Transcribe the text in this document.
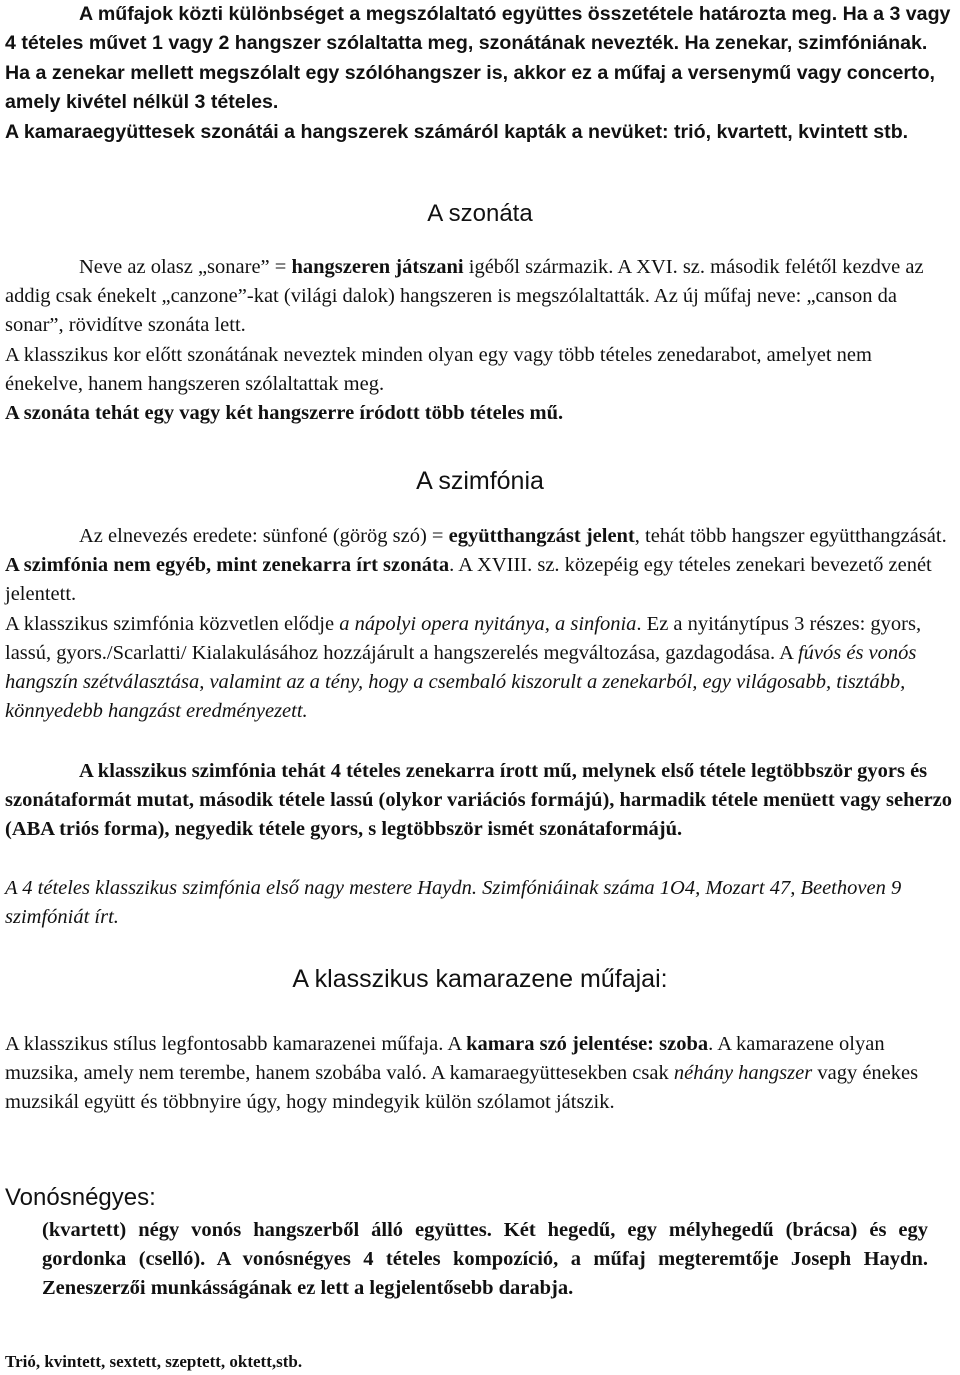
A műfajok közti különbséget a megszólaltató együttes összetétele határozta meg. Ha a 3 vagy 4 tételes művet 1 vagy 2 hangszer szólaltatta meg, szonátának nevezték. Ha zenekar, szimfóniának. Ha a zenekar mellett megszólalt egy szólóhangszer is, akkor ez a műfaj a versenymű vagy concerto, amely kivétel nélkül 3 tételes.
A kamaraegyüttesek szonátái a hangszerek számáról kapták a nevüket: trió, kvartett, kvintett stb.
A szonáta
Neve az olasz „sonare” = hangszeren játszani igéből származik. A XVI. sz. második felétől kezdve az addig csak énekelt „canzone”-kat (világi dalok) hangszeren is megszólaltatták. Az új műfaj neve: „canson da sonar”, rövidítve szonáta lett.
A klasszikus kor előtt szonátának neveztek minden olyan egy vagy több tételes zenedarabot, amelyet nem énekelve, hanem hangszeren szólaltattak meg.
A szonáta tehát egy vagy két hangszerre íródott több tételes mű.
A szimfónia
Az elnevezés eredete: sünfoné (görög szó) = együtthangzást jelent, tehát több hangszer együtthangzását. A szimfónia nem egyéb, mint zenekarra írt szonáta. A XVIII. sz. közepéig egy tételes zenekari bevezető zenét jelentett.
A klasszikus szimfónia közvetlen elődje a nápolyi opera nyitánya, a sinfonia. Ez a nyitánytípus 3 részes: gyors, lassú, gyors./Scarlatti/ Kialakulásához hozzájárult a hangszerelés megváltozása, gazdagodása. A fúvós és vonós hangszín szétválasztása, valamint az a tény, hogy a csembaló kiszorult a zenekarból, egy világosabb, tisztább, könnyedebb hangzást eredményezett.
A klasszikus szimfónia tehát 4 tételes zenekarra írott mű, melynek első tétele legtöbbször gyors és szonátaformát mutat, második tétele lassú (olykor variációs formájú), harmadik tétele menüett vagy seherzo (ABA triós forma), negyedik tétele gyors, s legtöbbször ismét szonátaformájú.
A 4 tételes klasszikus szimfónia első nagy mestere Haydn. Szimfóniáinak száma 1O4, Mozart 47, Beethoven 9 szimfóniát írt.
A klasszikus kamarazene műfajai:
A klasszikus stílus legfontosabb kamarazenei műfaja. A kamara szó jelentése: szoba. A kamarazene olyan muzsika, amely nem terembe, hanem szobába való. A kamaraegyüttesekben csak néhány hangszer vagy énekes muzsikál együtt és többnyire úgy, hogy mindegyik külön szólamot játszik.
Vonósnégyes:
(kvartett) négy vonós hangszerből álló együttes. Két hegedű, egy mélyhegedű (brácsa) és egy gordonka (cselló). A vonósnégyes 4 tételes kompozíció, a műfaj megteremtője Joseph Haydn. Zeneszerzői munkásságának ez lett a legjelentősebb darabja.
Trió, kvintett, sextett, szeptett, oktett,stb.
